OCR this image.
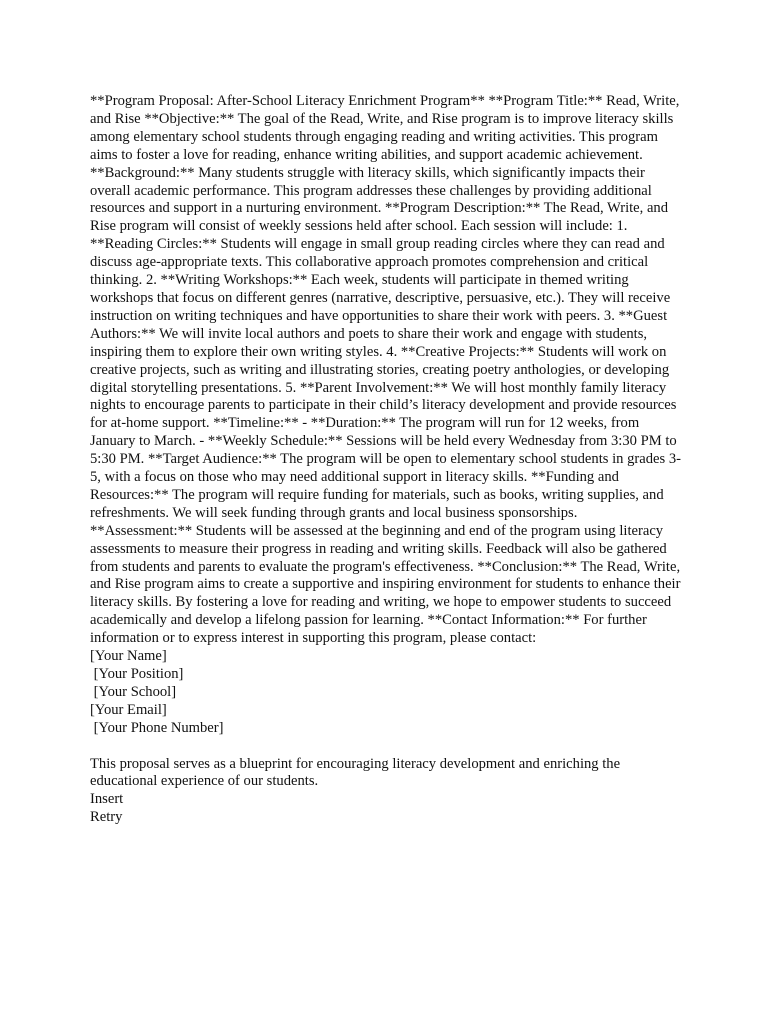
**Program Proposal: After-School Literacy Enrichment Program** **Program Title:** Read, Write, and Rise **Objective:** The goal of the Read, Write, and Rise program is to improve literacy skills among elementary school students through engaging reading and writing activities. This program aims to foster a love for reading, enhance writing abilities, and support academic achievement. **Background:** Many students struggle with literacy skills, which significantly impacts their overall academic performance. This program addresses these challenges by providing additional resources and support in a nurturing environment. **Program Description:** The Read, Write, and Rise program will consist of weekly sessions held after school. Each session will include: 1. **Reading Circles:** Students will engage in small group reading circles where they can read and discuss age-appropriate texts. This collaborative approach promotes comprehension and critical thinking. 2. **Writing Workshops:** Each week, students will participate in themed writing workshops that focus on different genres (narrative, descriptive, persuasive, etc.). They will receive instruction on writing techniques and have opportunities to share their work with peers. 3. **Guest Authors:** We will invite local authors and poets to share their work and engage with students, inspiring them to explore their own writing styles. 4. **Creative Projects:** Students will work on creative projects, such as writing and illustrating stories, creating poetry anthologies, or developing digital storytelling presentations. 5. **Parent Involvement:** We will host monthly family literacy nights to encourage parents to participate in their child’s literacy development and provide resources for at-home support. **Timeline:** - **Duration:** The program will run for 12 weeks, from January to March. - **Weekly Schedule:** Sessions will be held every Wednesday from 3:30 PM to 5:30 PM. **Target Audience:** The program will be open to elementary school students in grades 3-5, with a focus on those who may need additional support in literacy skills. **Funding and Resources:** The program will require funding for materials, such as books, writing supplies, and refreshments. We will seek funding through grants and local business sponsorships. **Assessment:** Students will be assessed at the beginning and end of the program using literacy assessments to measure their progress in reading and writing skills. Feedback will also be gathered from students and parents to evaluate the program's effectiveness. **Conclusion:** The Read, Write, and Rise program aims to create a supportive and inspiring environment for students to enhance their literacy skills. By fostering a love for reading and writing, we hope to empower students to succeed academically and develop a lifelong passion for learning. **Contact Information:** For further information or to express interest in supporting this program, please contact:

[Your Name]
[Your Position]
[Your School]
[Your Email]
[Your Phone Number]
This proposal serves as a blueprint for encouraging literacy development and enriching the
educational experience of our students.
Insert
Retry
